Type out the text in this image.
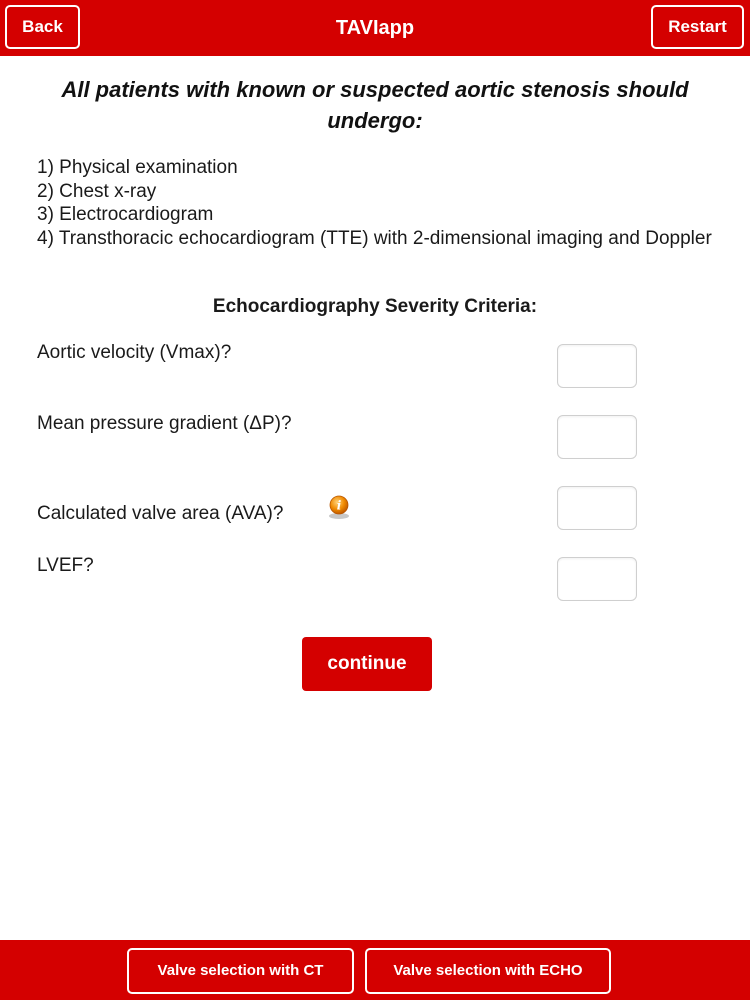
TAVIapp
Back	Restart
All patients with known or suspected aortic stenosis should undergo:
1) Physical examination
2) Chest x-ray
3) Electrocardiogram
4) Transthoracic echocardiogram (TTE) with 2-dimensional imaging and Doppler
Echocardiography Severity Criteria:
Aortic velocity (Vmax)?
Mean pressure gradient (ΔP)?
Calculated valve area (AVA)?	i
LVEF?
continue
Valve selection with CT	Valve selection with ECHO
